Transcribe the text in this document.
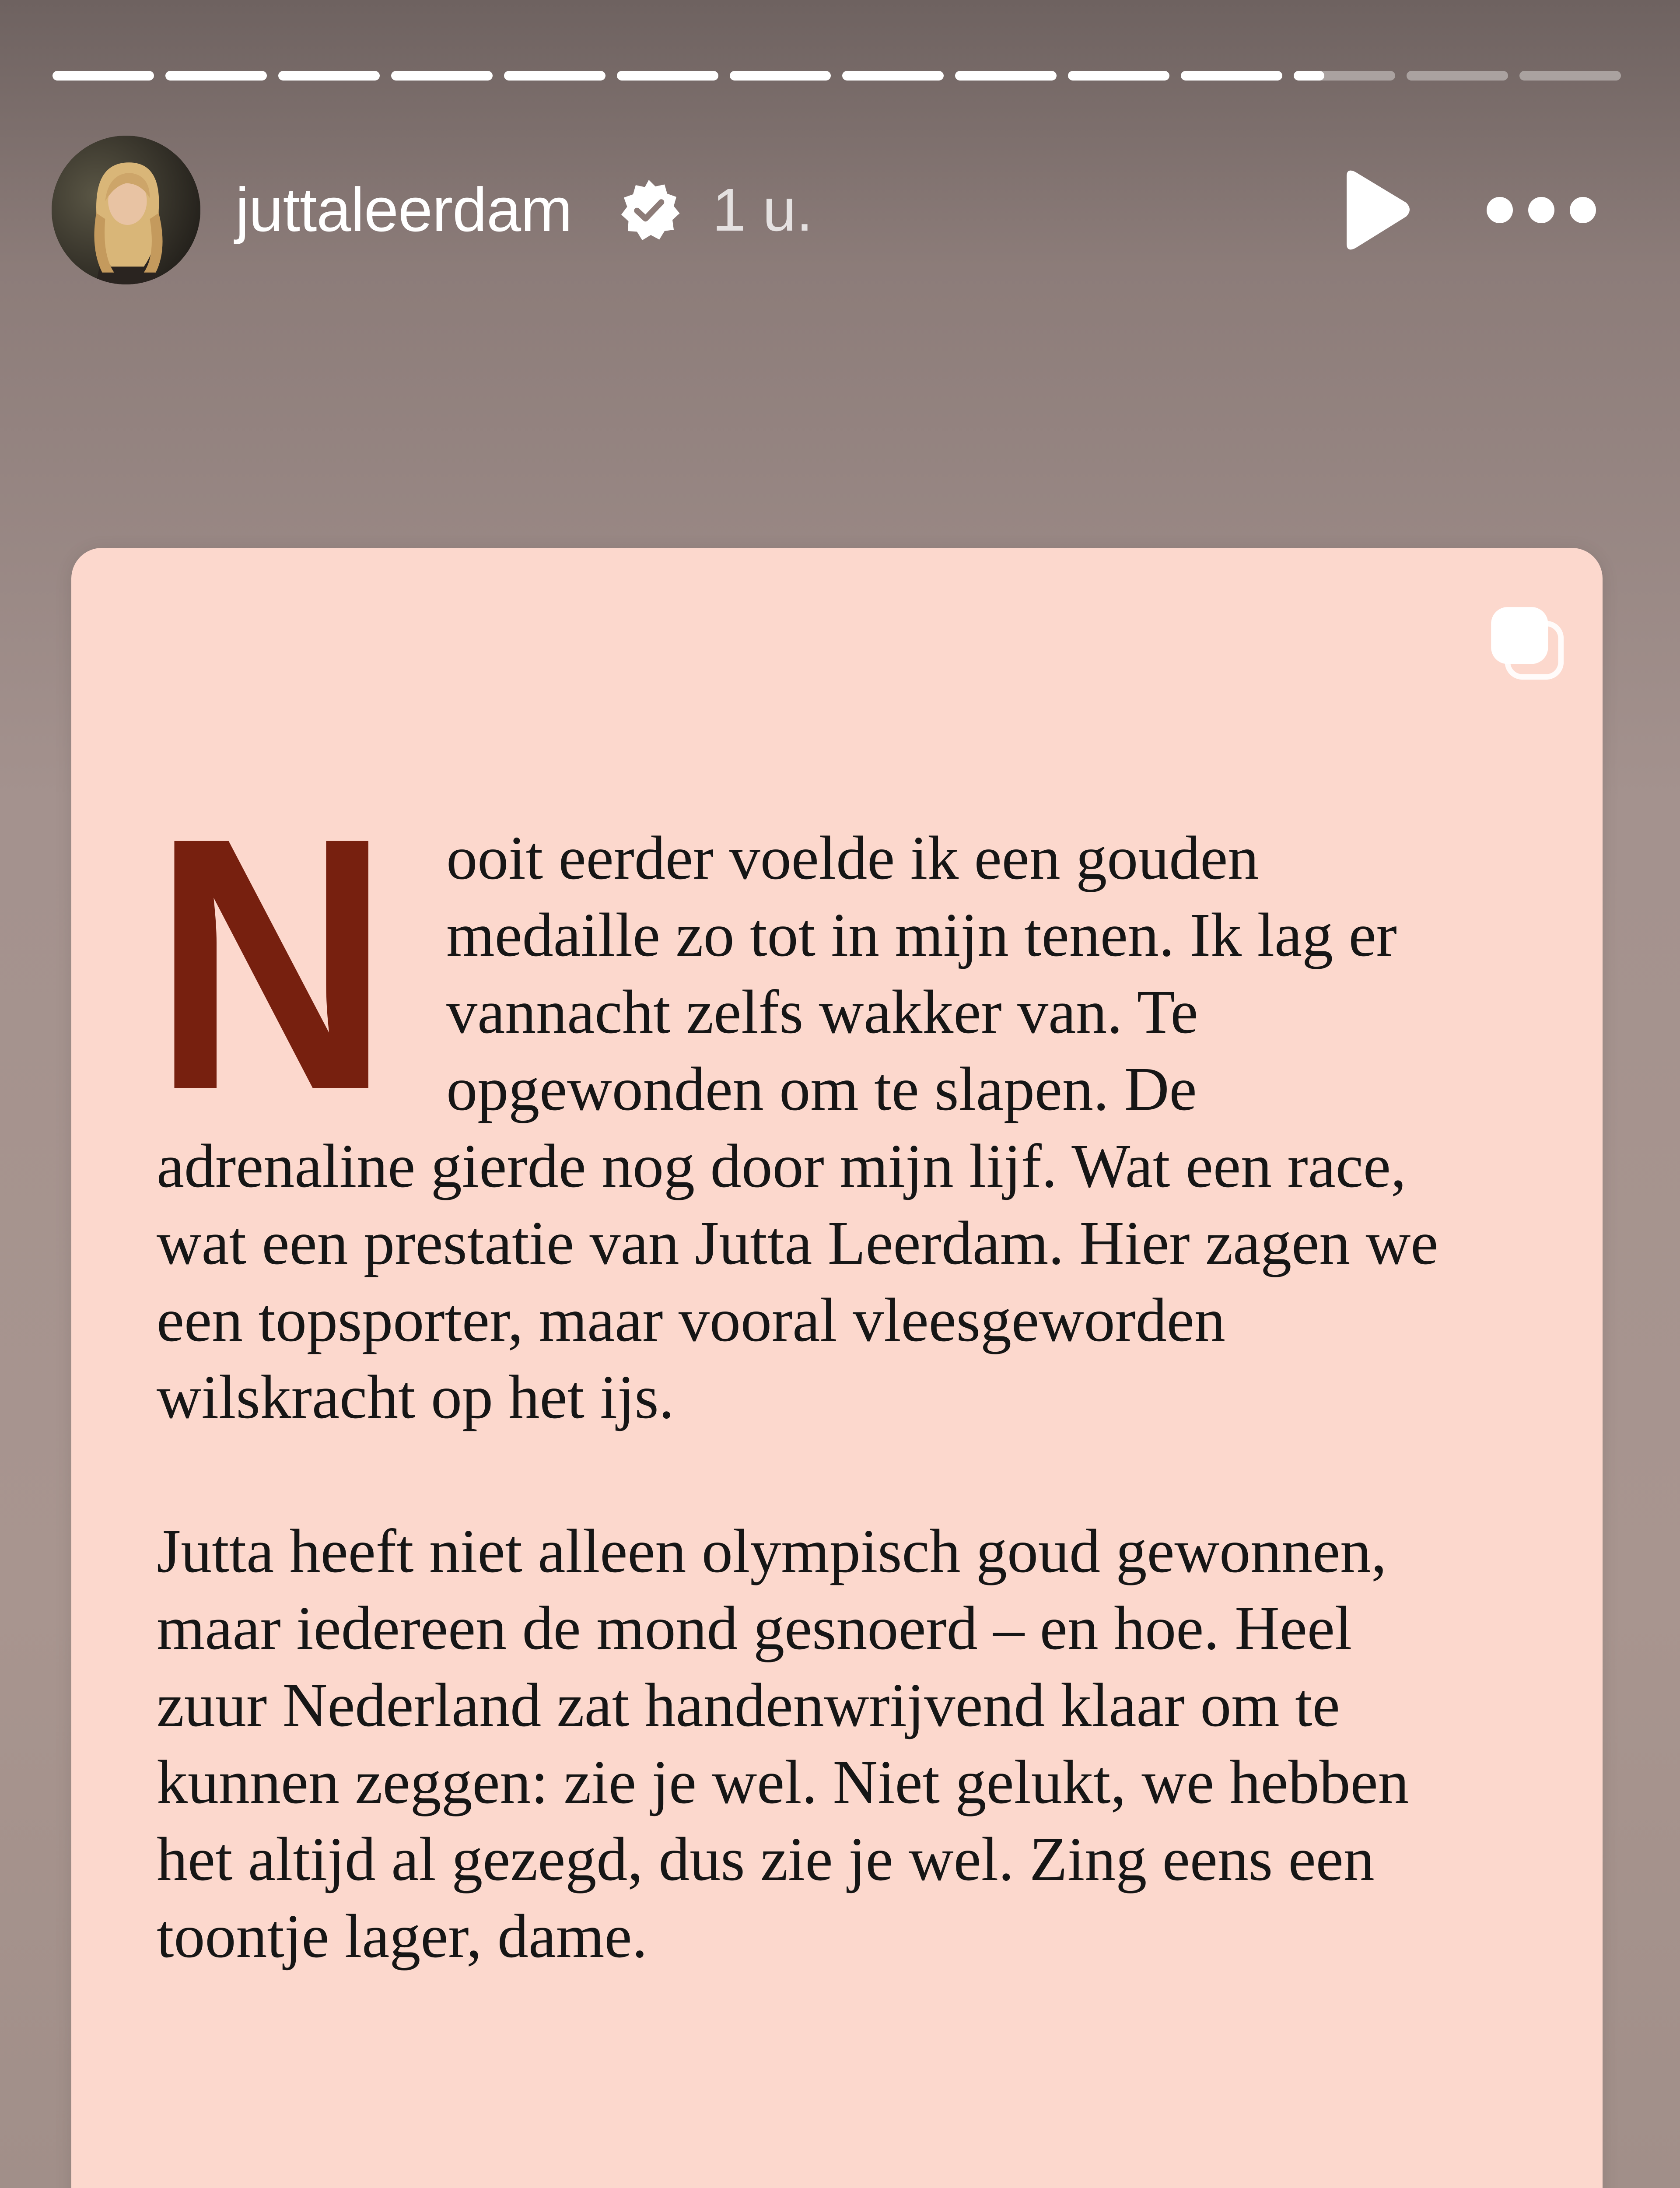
juttaleerdam 1 u.

Nooit eerder voelde ik een gouden medaille zo tot in mijn tenen. Ik lag er vannacht zelfs wakker van. Te opgewonden om te slapen. De adrenaline gierde nog door mijn lijf. Wat een race, wat een prestatie van Jutta Leerdam. Hier zagen we een topsporter, maar vooral vleesgeworden wilskracht op het ijs.

Jutta heeft niet alleen olympisch goud gewonnen, maar iedereen de mond gesnoerd – en hoe. Heel zuur Nederland zat handenwrijvend klaar om te kunnen zeggen: zie je wel. Niet gelukt, we hebben het altijd al gezegd, dus zie je wel. Zing eens een toontje lager, dame.
